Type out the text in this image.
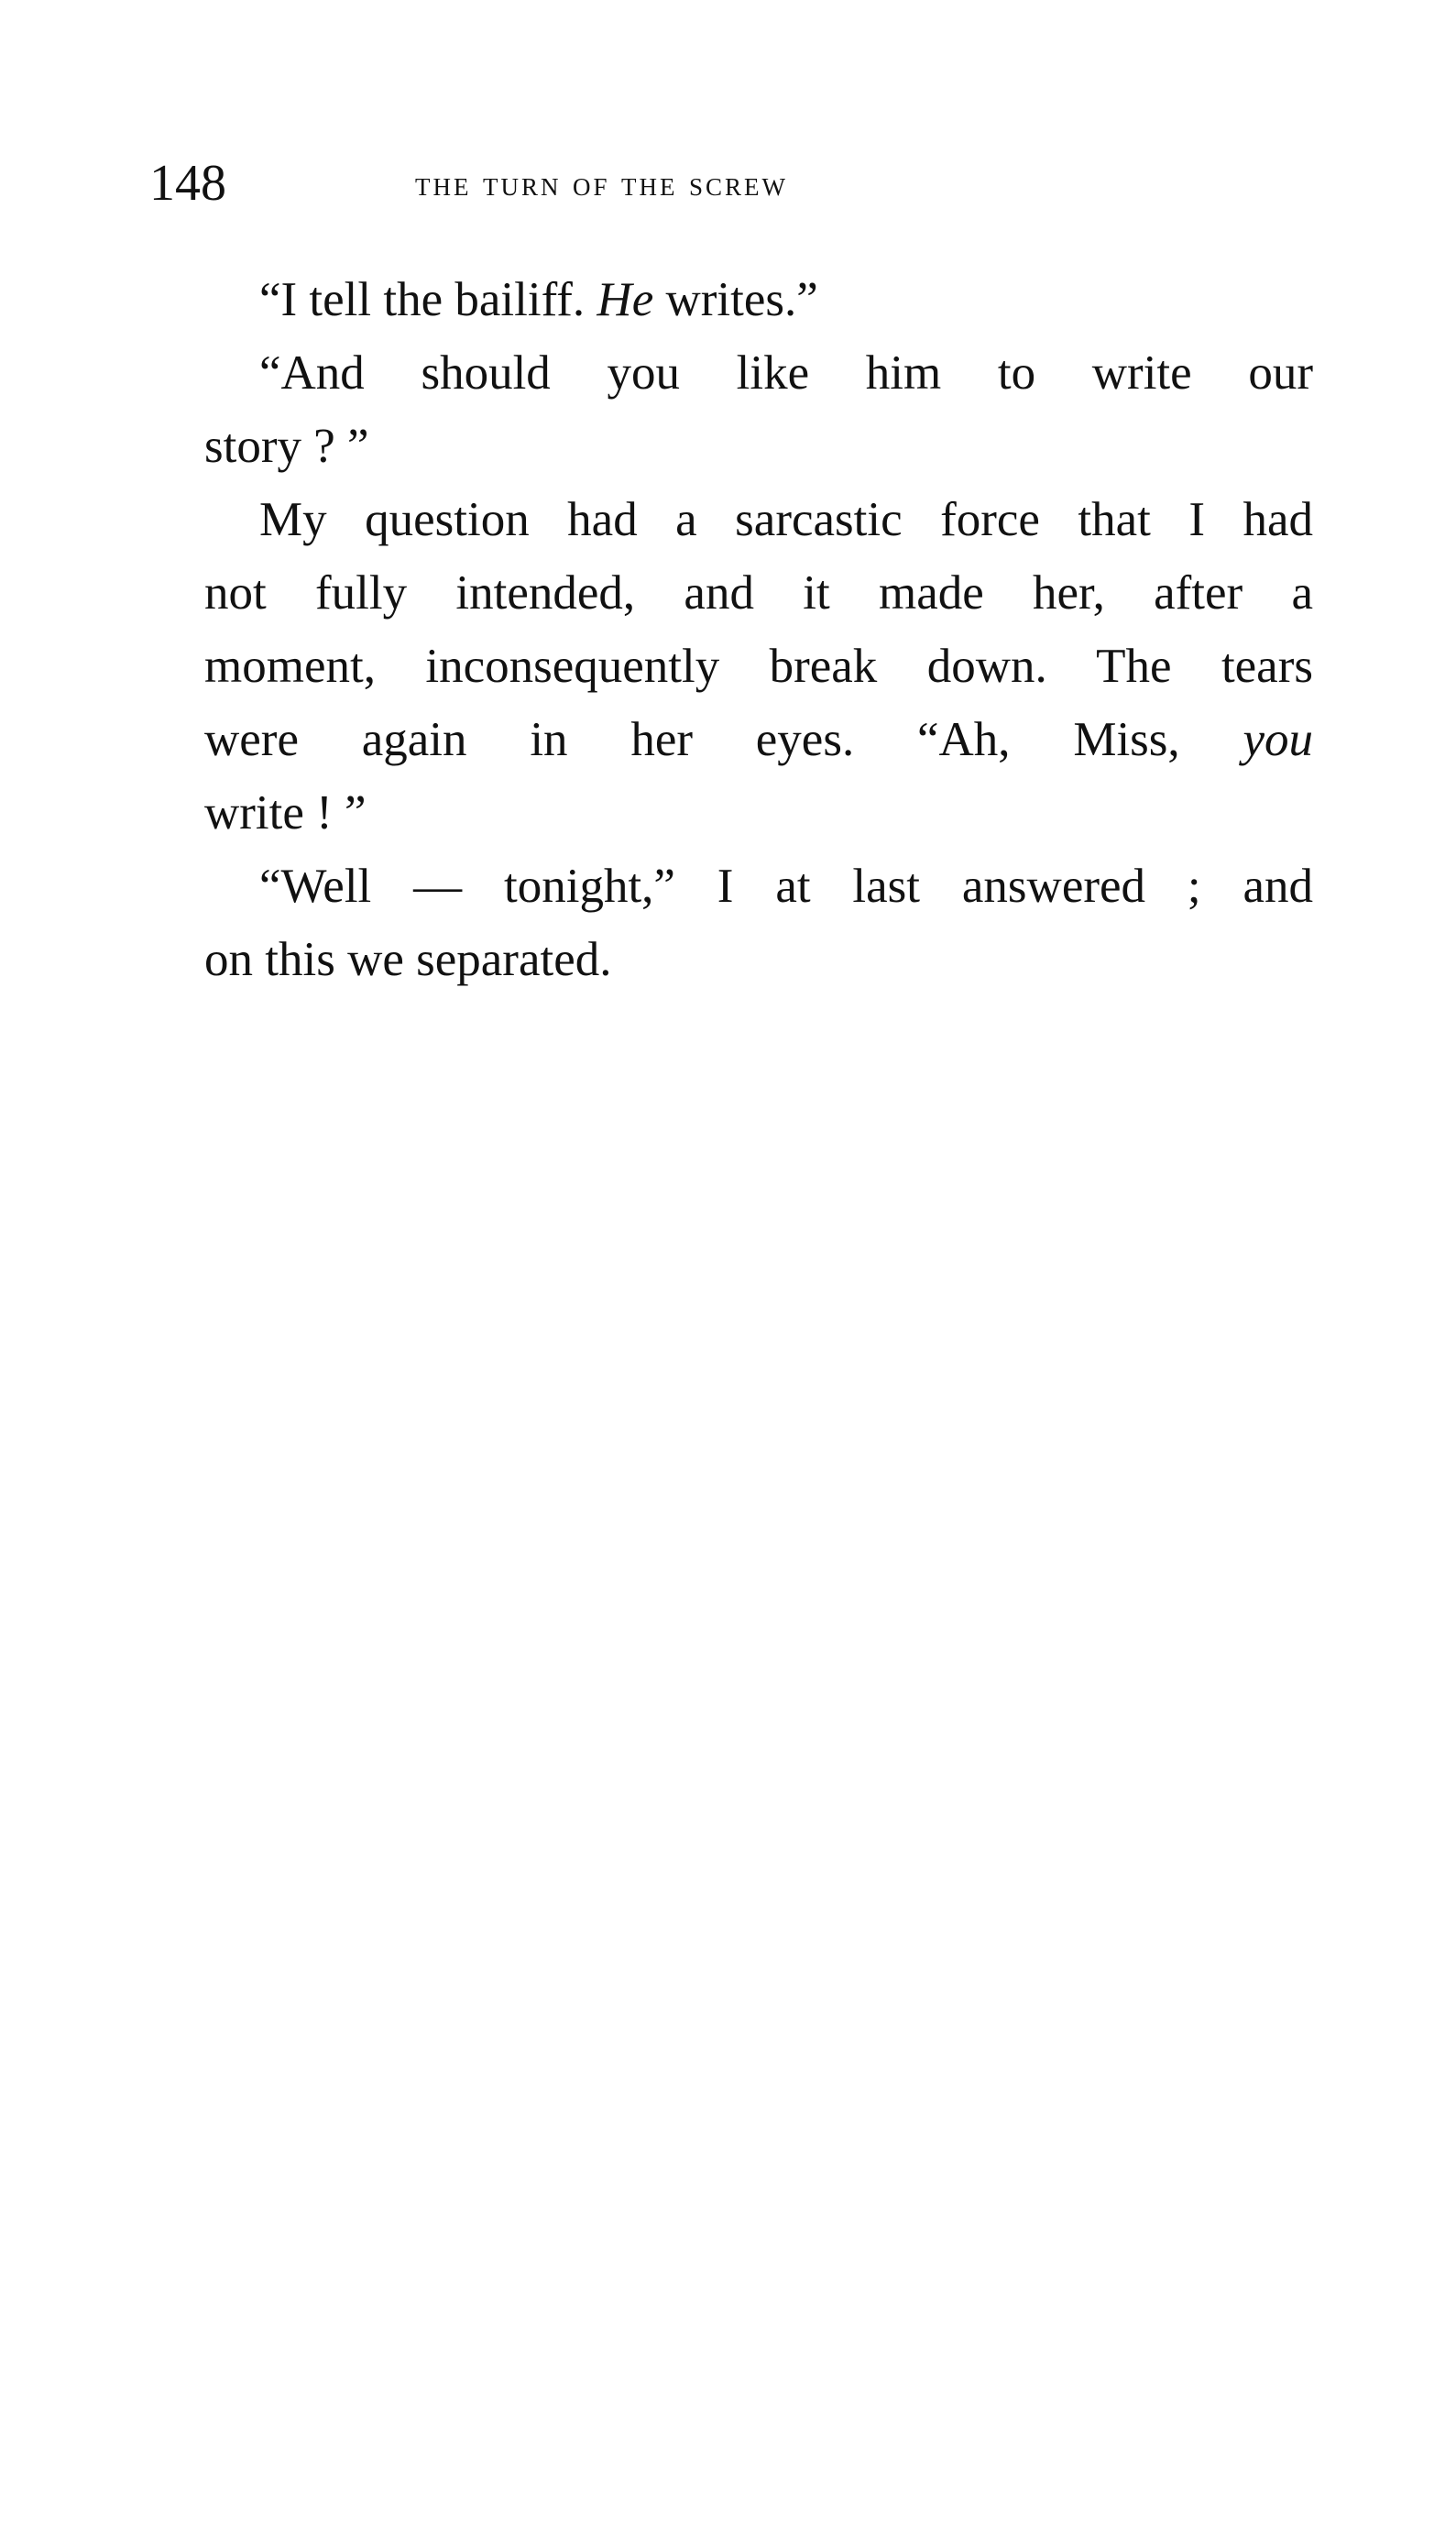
148	the turn of the screw
“I tell the bailiff. He writes.”
“And should you like him to write our
story ? ”
My question had a sarcastic force that I had
not fully intended, and it made her, after a
moment, inconsequently break down. The tears
were again in her eyes. “Ah, Miss, you
write ! ”
“Well — tonight,” I at last answered ; and
on this we separated.
